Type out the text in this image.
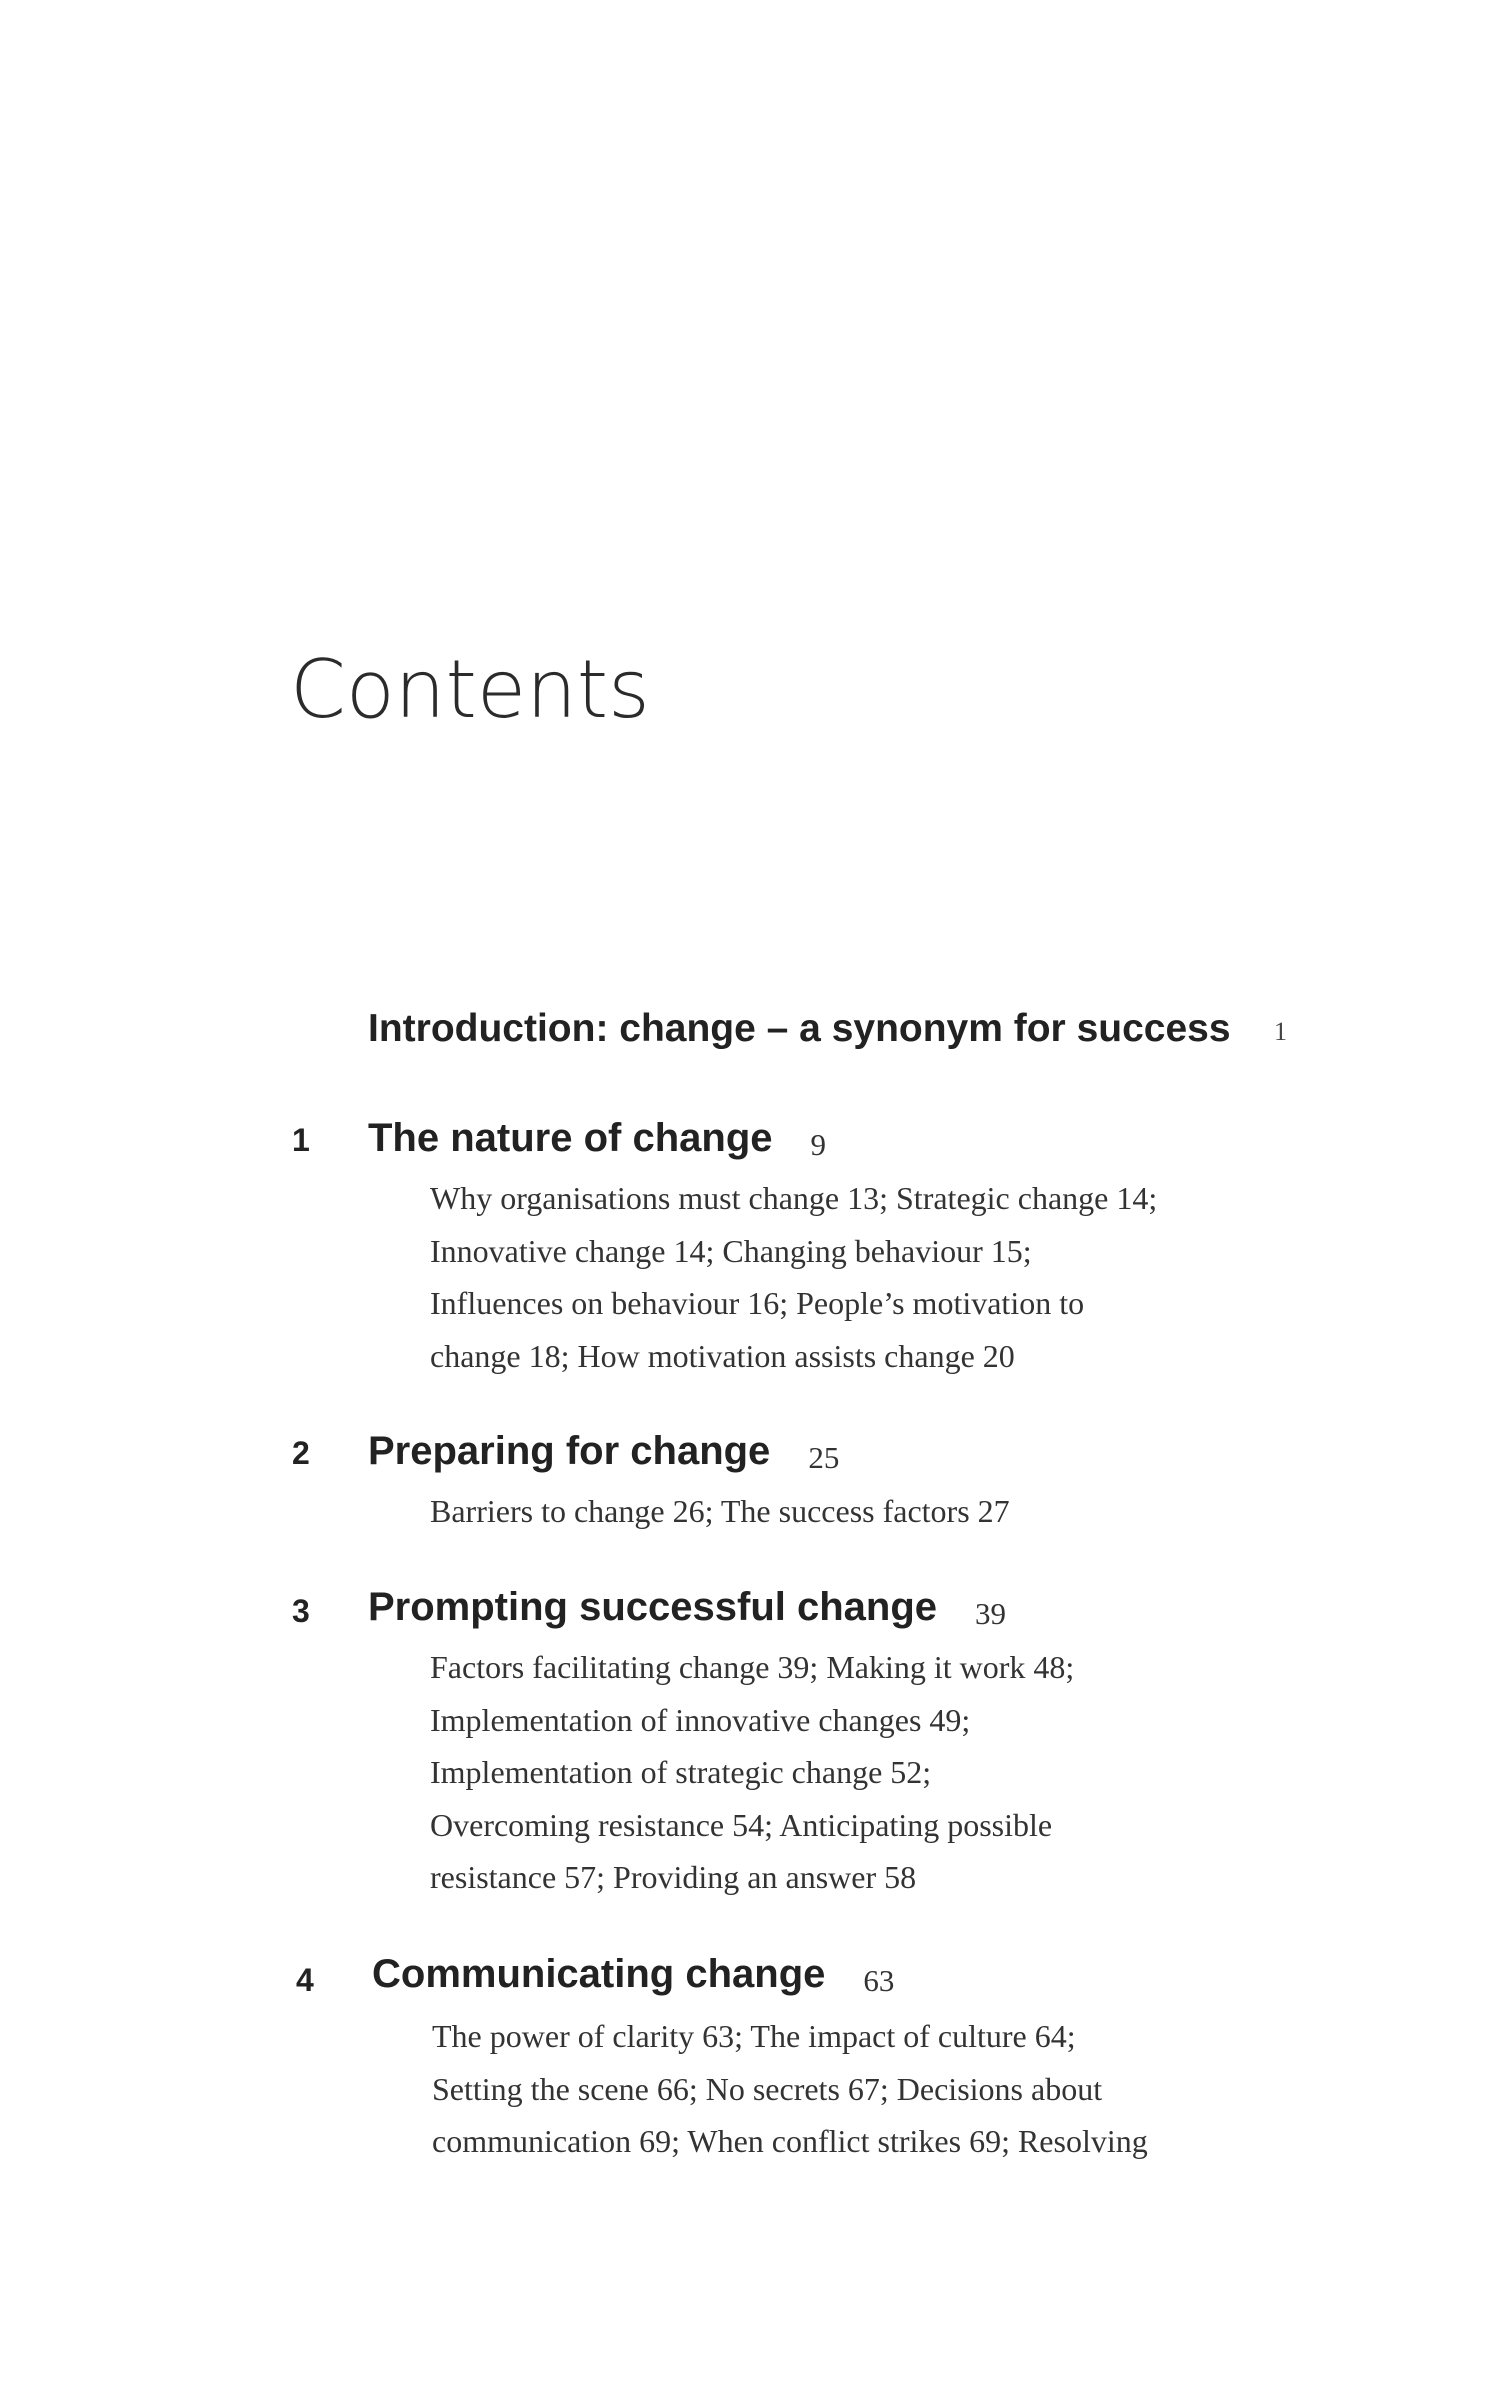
Contents
Introduction: change – a synonym for success 1
1 The nature of change 9

Why organisations must change 13; Strategic change 14;
Innovative change 14; Changing behaviour 15;
Influences on behaviour 16; People’s motivation to
change 18; How motivation assists change 20

2 Preparing for change 25

Barriers to change 26; The success factors 27

3 Prompting successful change 39

Factors facilitating change 39; Making it work 48;
Implementation of innovative changes 49;
Implementation of strategic change 52;
Overcoming resistance 54; Anticipating possible
resistance 57; Providing an answer 58

4 Communicating change 63

The power of clarity 63; The impact of culture 64;
Setting the scene 66; No secrets 67; Decisions about
communication 69; When conflict strikes 69; Resolving
